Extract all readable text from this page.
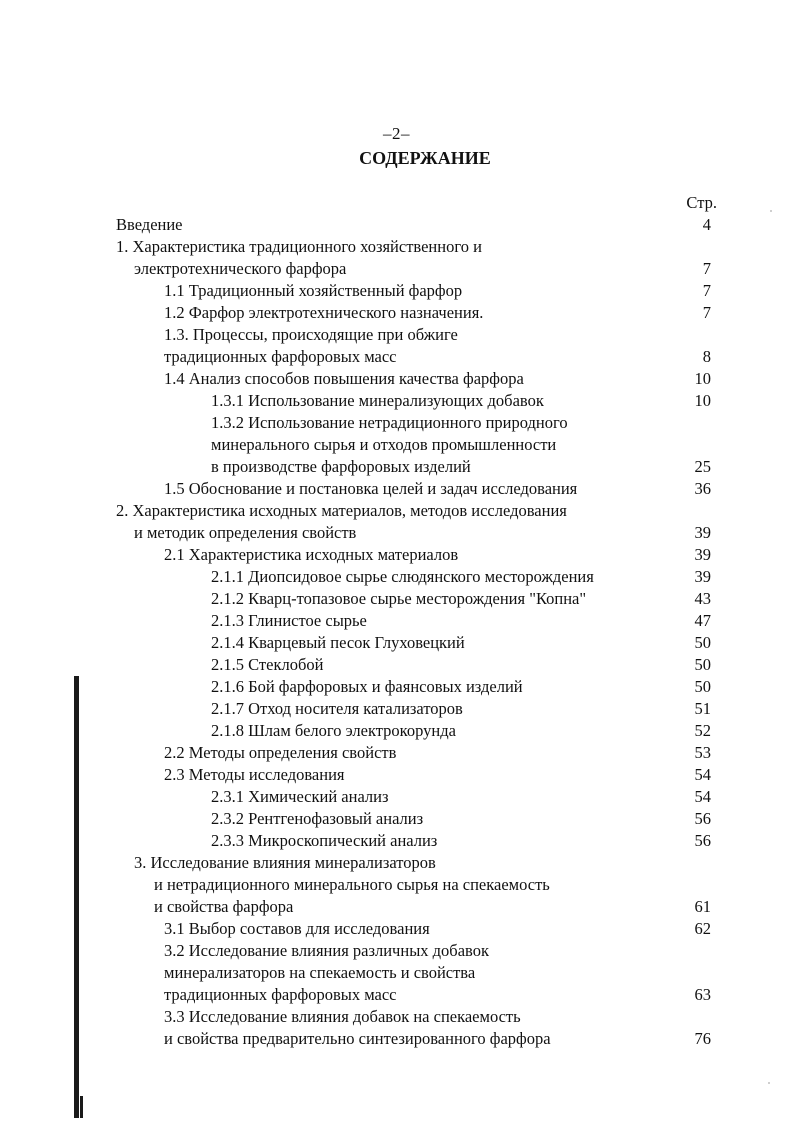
–2–
СОДЕРЖАНИЕ
Стр.
Введение	4
1. Характеристика традиционного хозяйственного и
электротехнического фарфора	7
1.1 Традиционный хозяйственный фарфор	7
1.2 Фарфор электротехнического назначения.	7
1.3. Процессы, происходящие при обжиге
традиционных фарфоровых масс	8
1.4 Анализ способов повышения качества фарфора	10
1.3.1 Использование минерализующих добавок	10
1.3.2 Использование нетрадиционного природного
минерального сырья и отходов промышленности
в производстве фарфоровых изделий	25
1.5 Обоснование и постановка целей и задач исследования	36
2. Характеристика исходных материалов, методов исследования
и методик определения свойств	39
2.1 Характеристика исходных материалов	39
2.1.1 Диопсидовое сырье слюдянского месторождения	39
2.1.2 Кварц-топазовое сырье месторождения "Копна"	43
2.1.3 Глинистое сырье	47
2.1.4 Кварцевый песок Глуховецкий	50
2.1.5 Стеклобой	50
2.1.6 Бой фарфоровых и фаянсовых изделий	50
2.1.7 Отход носителя катализаторов	51
2.1.8 Шлам белого электрокорунда	52
2.2 Методы определения свойств	53
2.3 Методы исследования	54
2.3.1 Химический анализ	54
2.3.2 Рентгенофазовый анализ	56
2.3.3 Микроскопический анализ	56
3. Исследование влияния минерализаторов
и нетрадиционного минерального сырья на спекаемость
и свойства фарфора	61
3.1 Выбор составов для исследования	62
3.2 Исследование влияния различных добавок
минерализаторов на спекаемость и свойства
традиционных фарфоровых масс	63
3.3 Исследование влияния добавок на спекаемость
и свойства предварительно синтезированного фарфора	76
